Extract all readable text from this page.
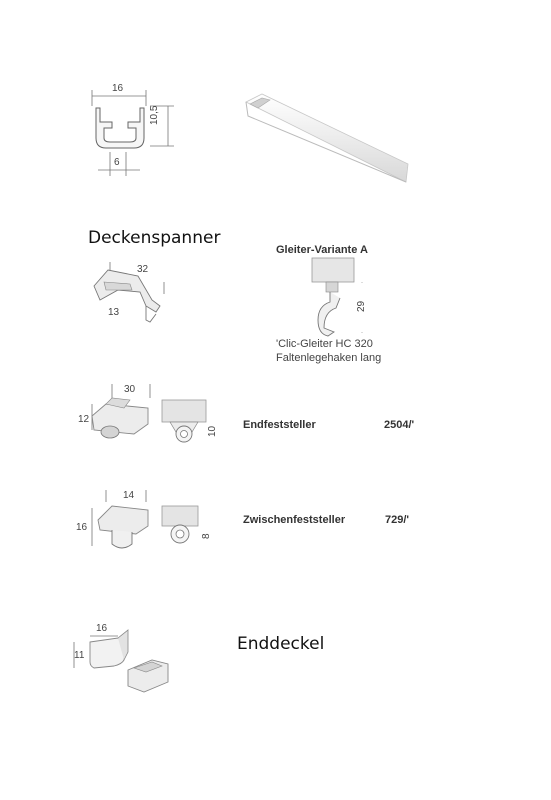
16
10,5
6
Deckenspanner
32
13
Gleiter-Variante A
29
'Clic-Gleiter HC 320
Faltenlegehaken lang
30
12
10
Endfeststeller	2504/'
14
16
8
Zwischenfeststeller	729/'
16
11
Enddeckel
